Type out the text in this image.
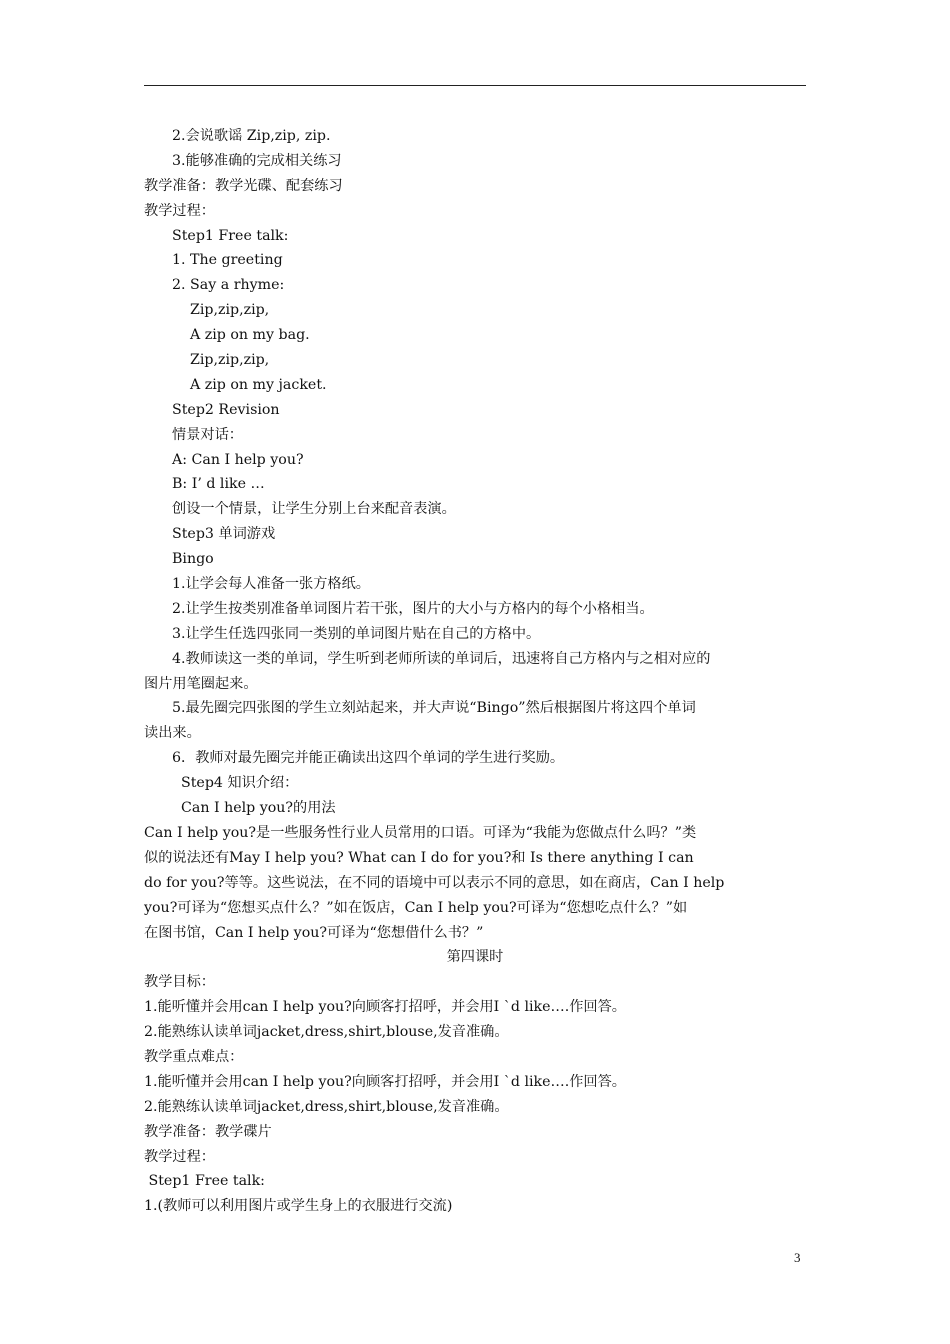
2.会说歌谣 Zip,zip, zip.
3.能够准确的完成相关练习
教学准备：教学光碟、配套练习
教学过程：
Step1 Free talk:
1. The greeting
2. Say a rhyme:
Zip,zip,zip,
A zip on my bag.
Zip,zip,zip,
A zip on my jacket.
Step2 Revision
情景对话：
A: Can I help you?
B: I’ d like …
创设一个情景，让学生分别上台来配音表演。
Step3 单词游戏
Bingo
1.让学会每人准备一张方格纸。
2.让学生按类别准备单词图片若干张，图片的大小与方格内的每个小格相当。
3.让学生任选四张同一类别的单词图片贴在自己的方格中。
4.教师读这一类的单词，学生听到老师所读的单词后，迅速将自己方格内与之相对应的
图片用笔圈起来。
5.最先圈完四张图的学生立刻站起来，并大声说“Bingo”然后根据图片将这四个单词
读出来。
6．教师对最先圈完并能正确读出这四个单词的学生进行奖励。
Step4 知识介绍：
Can I help you?的用法
Can I help you?是一些服务性行业人员常用的口语。可译为“我能为您做点什么吗？”类
似的说法还有May I help you? What can I do for you?和 Is there anything I can
do for you?等等。这些说法，在不同的语境中可以表示不同的意思，如在商店，Can I help
you?可译为“您想买点什么？”如在饭店，Can I help you?可译为“您想吃点什么？”如
在图书馆，Can I help you?可译为“您想借什么书？”
第四课时
教学目标：
1.能听懂并会用can I help you?向顾客打招呼，并会用I `d like….作回答。
2.能熟练认读单词jacket,dress,shirt,blouse,发音准确。
教学重点难点：
1.能听懂并会用can I help you?向顾客打招呼，并会用I `d like….作回答。
2.能熟练认读单词jacket,dress,shirt,blouse,发音准确。
教学准备：教学碟片
教学过程：
Step1 Free talk:
1.(教师可以利用图片或学生身上的衣服进行交流)
3
